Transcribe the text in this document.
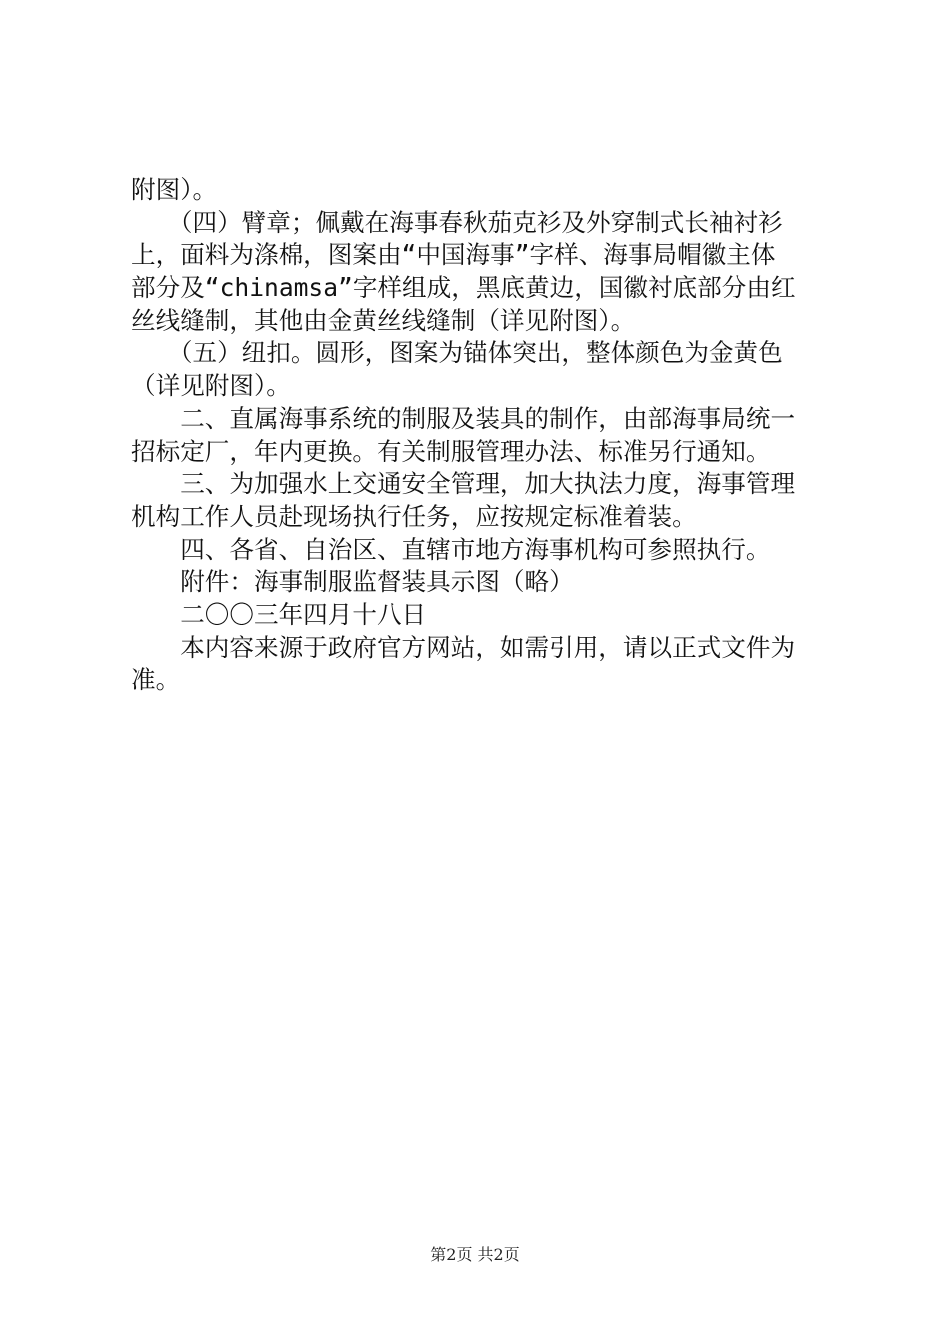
附图）。
　　（四）臂章；佩戴在海事春秋茄克衫及外穿制式长袖衬衫
上，面料为涤棉，图案由“中国海事”字样、海事局帽徽主体
部分及“chinamsa”字样组成，黑底黄边，国徽衬底部分由红
丝线缝制，其他由金黄丝线缝制（详见附图）。
　　（五）纽扣。圆形，图案为锚体突出，整体颜色为金黄色
（详见附图）。
　　二、直属海事系统的制服及装具的制作，由部海事局统一
招标定厂，年内更换。有关制服管理办法、标准另行通知。
　　三、为加强水上交通安全管理，加大执法力度，海事管理
机构工作人员赴现场执行任务，应按规定标准着装。
　　四、各省、自治区、直辖市地方海事机构可参照执行。
　　附件：海事制服监督装具示图（略）
　　二〇〇三年四月十八日
　　本内容来源于政府官方网站，如需引用，请以正式文件为
准。
第2页 共2页
